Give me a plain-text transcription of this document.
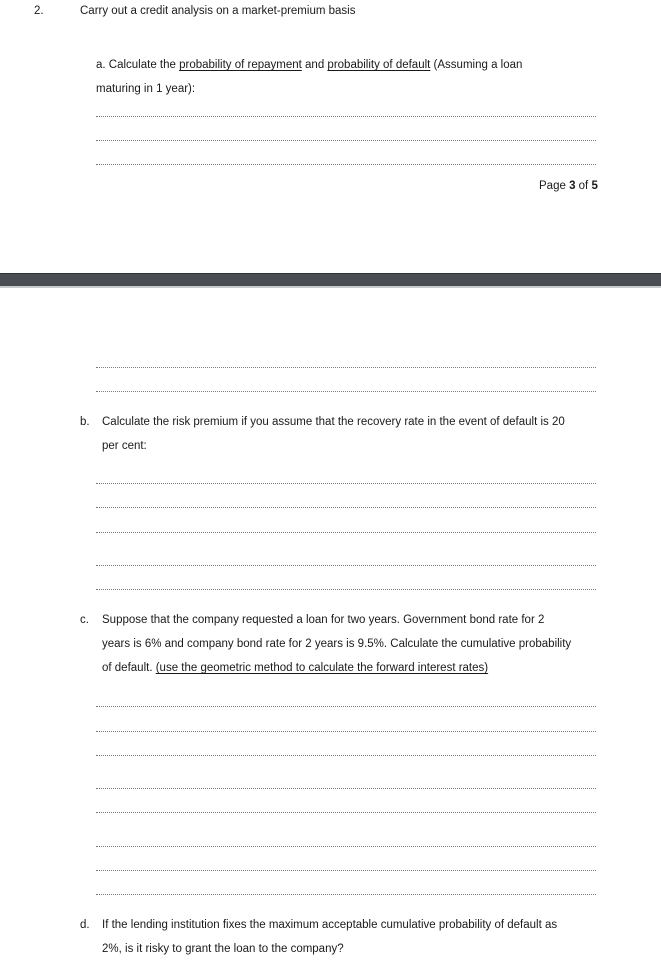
2.	Carry out a credit analysis on a market-premium basis
a. Calculate the probability of repayment and probability of default (Assuming a loan
maturing in 1 year):
Page 3 of 5
b. Calculate the risk premium if you assume that the recovery rate in the event of default is 20
per cent:
c. Suppose that the company requested a loan for two years. Government bond rate for 2
years is 6% and company bond rate for 2 years is 9.5%. Calculate the cumulative probability
of default. (use the geometric method to calculate the forward interest rates)
d. If the lending institution fixes the maximum acceptable cumulative probability of default as
2%, is it risky to grant the loan to the company?
